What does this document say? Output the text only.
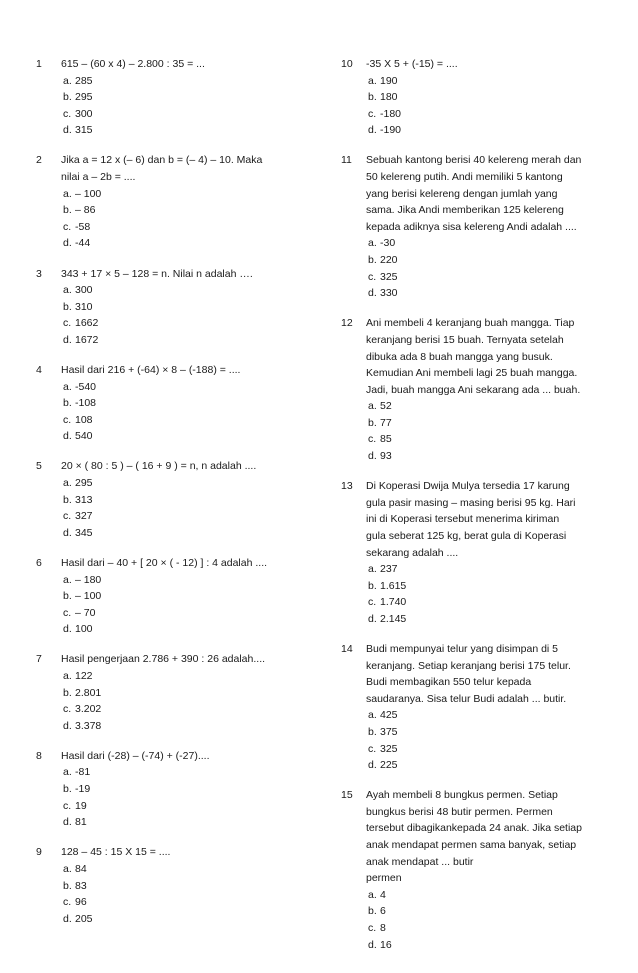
1	615 – (60 x 4) – 2.800 : 35 = ...
a. 285
b. 295
c. 300
d. 315
2	Jika a = 12 x (– 6) dan b = (– 4) – 10. Maka
nilai a – 2b = ....
a. – 100
b. – 86
c. -58
d. -44
3	343 + 17 × 5 – 128 = n. Nilai n adalah ….
a. 300
b. 310
c. 1662
d. 1672
4	Hasil dari 216 + (-64) × 8 – (-188) = ....
a. -540
b. -108
c. 108
d. 540
5	20 × ( 80 : 5 ) – ( 16 + 9 ) = n, n adalah ....
a. 295
b. 313
c. 327
d. 345
6	Hasil dari – 40 + [ 20 × ( - 12) ] : 4 adalah ....
a. – 180
b. – 100
c. – 70
d. 100
7	Hasil pengerjaan 2.786 + 390 : 26 adalah....
a. 122
b. 2.801
c. 3.202
d. 3.378
8	Hasil dari (-28) – (-74) + (-27)....
a. -81
b. -19
c. 19
d. 81
9	128 – 45 : 15 X 15 = ....
a. 84
b. 83
c. 96
d. 205
10	-35 X 5 + (-15) = ....
a. 190
b. 180
c. -180
d. -190
11	Sebuah kantong berisi 40 kelereng merah dan
50 kelereng putih. Andi memiliki 5 kantong
yang berisi kelereng dengan jumlah yang
sama. Jika Andi memberikan 125 kelereng
kepada adiknya sisa kelereng Andi adalah ....
a. -30
b. 220
c. 325
d. 330
12	Ani membeli 4 keranjang buah mangga. Tiap
keranjang berisi 15 buah. Ternyata setelah
dibuka ada 8 buah mangga yang busuk.
Kemudian Ani membeli lagi 25 buah mangga.
Jadi, buah mangga Ani sekarang ada ... buah.
a. 52
b. 77
c. 85
d. 93
13	Di Koperasi Dwija Mulya tersedia 17 karung
gula pasir masing – masing berisi 95 kg. Hari
ini di Koperasi tersebut menerima kiriman
gula seberat 125 kg, berat gula di Koperasi
sekarang adalah ....
a. 237
b. 1.615
c. 1.740
d. 2.145
14	Budi mempunyai telur yang disimpan di 5
keranjang. Setiap keranjang berisi 175 telur.
Budi membagikan 550 telur kepada
saudaranya. Sisa telur Budi adalah ... butir.
a. 425
b. 375
c. 325
d. 225
15	Ayah membeli 8 bungkus permen. Setiap
bungkus berisi 48 butir permen. Permen
tersebut dibagikankepada 24 anak. Jika setiap
anak mendapat permen sama banyak, setiap
anak mendapat ... butir
permen
a. 4
b. 6
c. 8
d. 16
